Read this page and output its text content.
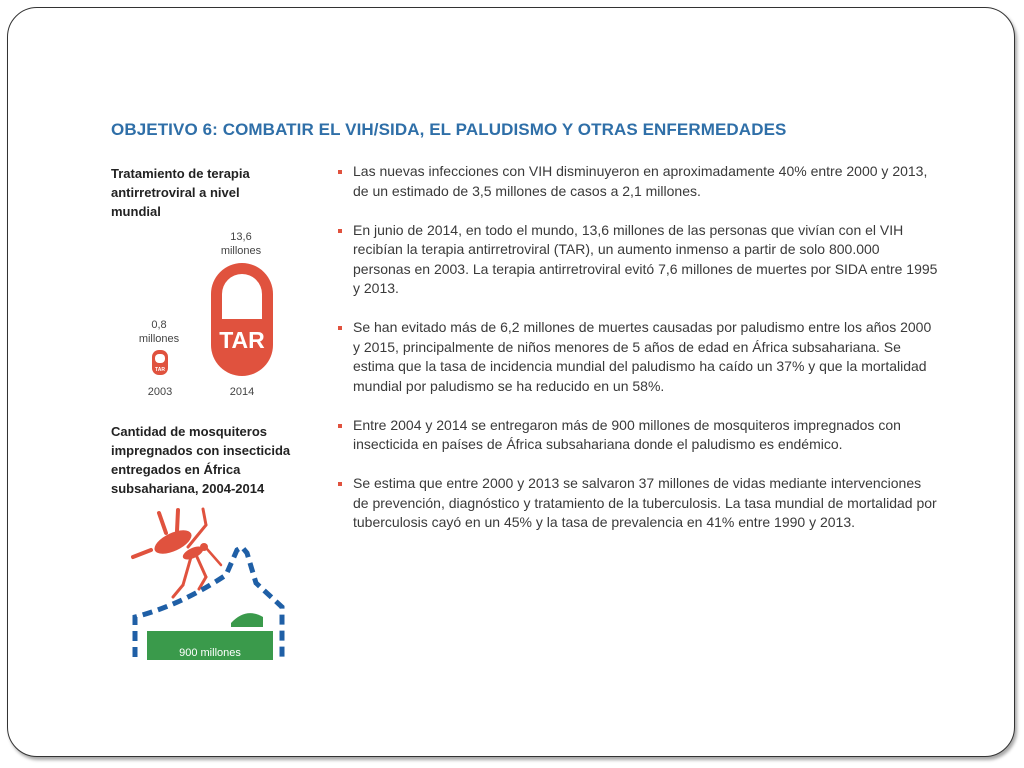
OBJETIVO 6: COMBATIR EL VIH/SIDA, EL PALUDISMO Y OTRAS ENFERMEDADES
Tratamiento de terapia antirretroviral a nivel mundial
0,8
millones
13,6
millones
TAR
TAR
2003	2014
Cantidad de mosquiteros impregnados con insecticida entregados en África subsahariana, 2004-2014
900 millones
Las nuevas infecciones con VIH disminuyeron en aproximadamente 40% entre 2000 y 2013, de un estimado de 3,5 millones de casos a 2,1 millones.
En junio de 2014, en todo el mundo, 13,6 millones de las personas que vivían con el VIH recibían la terapia antirretroviral (TAR), un aumento inmenso a partir de solo 800.000 personas en 2003. La terapia antirretroviral evitó 7,6 millones de muertes por SIDA entre 1995 y 2013.
Se han evitado más de 6,2 millones de muertes causadas por paludismo entre los años 2000 y 2015, principalmente de niños menores de 5 años de edad en África subsahariana. Se estima que la tasa de incidencia mundial del paludismo ha caído un 37% y que la mortalidad mundial por paludismo se ha reducido en un 58%.
Entre 2004 y 2014 se entregaron más de 900 millones de mosquiteros impregnados con insecticida en países de África subsahariana donde el paludismo es endémico.
Se estima que entre 2000 y 2013 se salvaron 37 millones de vidas mediante intervenciones de prevención, diagnóstico y tratamiento de la tuberculosis. La tasa mundial de mortalidad por tuberculosis cayó en un 45% y la tasa de prevalencia en 41% entre 1990 y 2013.
